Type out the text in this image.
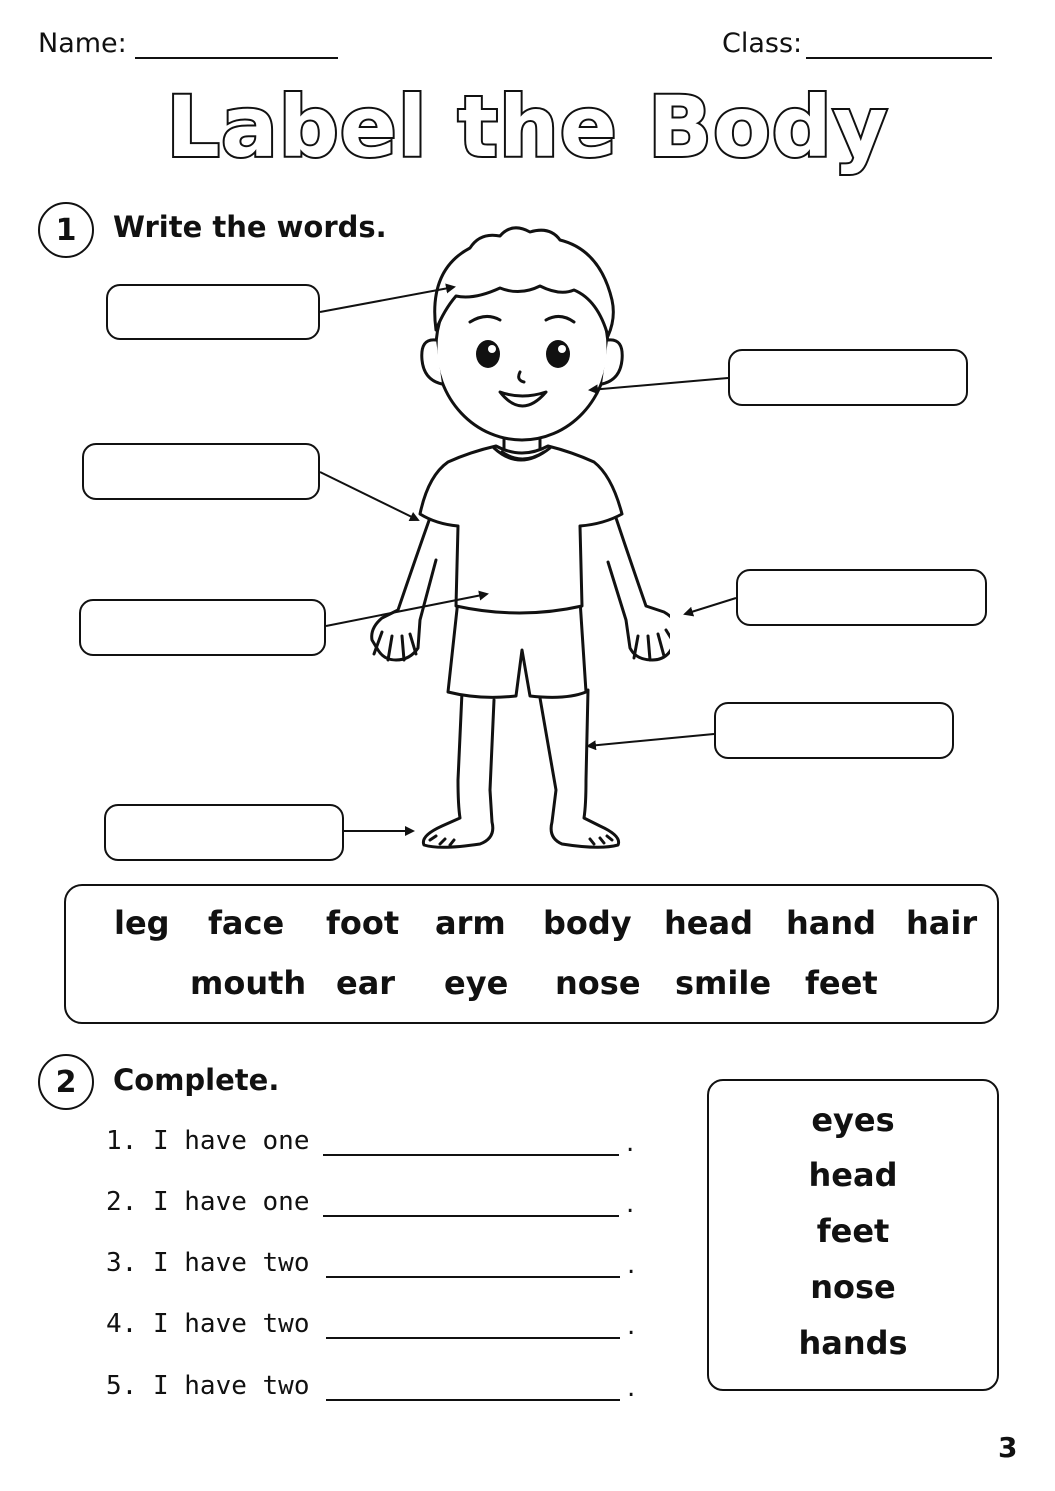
Name:	Class:
Label the Body
1	Write the words.
leg face foot arm body head hand hair
mouth ear eye nose smile feet
2	Complete.
1. I have one	.
2. I have one	.
3. I have two	.
4. I have two	.
5. I have two	.
eyes
head
feet
nose
hands
3
